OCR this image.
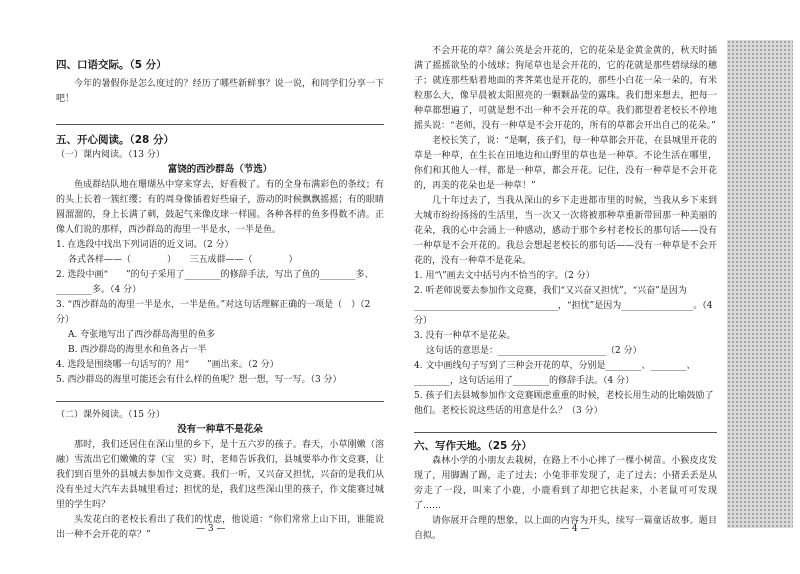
四、口语交际。（5 分）
今年的暑假你是怎么度过的？经历了哪些新鲜事？说一说，和同学们分享一下吧！
五、开心阅读。（28 分）
（一）课内阅读。（13 分）
富饶的西沙群岛（节选）
鱼成群结队地在珊瑚丛中穿来穿去，好看极了。有的全身布满彩色的条纹；有的头上长着一簇红缨；有的周身像插着好些扇子，游动的时候飘飘摇摇；有的眼睛圆溜溜的，身上长满了刺，鼓起气来像皮球一样圆。各种各样的鱼多得数不清。正像人们说的那样，西沙群岛的海里一半是水，一半是鱼。
1. 在选段中找出下列词语的近义词。（2 分）
各式各样——（　　　　）　　三五成群——（　　　　）
2. 选段中画“　　”的句子采用了________的修辞手法，写出了鱼的________多、________多。（4 分）
3. “西沙群岛的海里一半是水，一半是鱼。”对这句话理解正确的一项是（　）（2 分）
A. 夸张地写出了西沙群岛海里的鱼多
B. 西沙群岛的海里水和鱼各占一半
4. 选段是围绕哪一句话写的？用“　　”画出来。（2 分）
5. 西沙群岛的海里可能还会有什么样的鱼呢？想一想，写一写。（3 分）
（二）课外阅读。（15 分）
没有一种草不是花朵
那时，我们还居住在深山里的乡下，是十五六岁的孩子。春天，小草刚嫩（溶　融）雪流出它们嫩嫩的芽（宝　实）时，老师告诉我们，县城要举办作文竞赛，让我们到百里外的县城去参加作文竞赛。我们一听，又兴奋又担忧，兴奋的是我们从没有坐过大汽车去县城里看过；担忧的是，我们这些深山里的孩子，作文能赛过城里的学生吗？
头发花白的老校长看出了我们的忧虑，他说道：“你们常常上山下田，谁能说出一种不会开花的草？”
— 3 —
不会开花的草？蒲公英是会开花的，它的花朵是金黄金黄的，秋天时插满了摇摇欲坠的小绒球；狗尾草也是会开花的，它的花就是那些碧绿绿的穗子；就连那些贴着地面的荠荠菜也是开花的，那些小白花一朵一朵的，有米粒那么大，像早晨被太阳照亮的一颗颗晶莹的露珠。我们想来想去，把每一种草都想遍了，可就是想不出一种不会开花的草。我们都望着老校长不停地摇头说：“老师，没有一种草是不会开花的，所有的草都会开出自己的花朵。”
老校长笑了，说：“是啊，孩子们，每一种草都会开花，在县城里开花的草是一种草，在生长在田地边和山野里的草也是一种草。不论生活在哪里，你们和其他人一样，都是一种草，都会开花。记住，没有一种草是不会开花的，再美的花朵也是一种草！”
几十年过去了，当我从深山的乡下走进都市里的时候，当我从乡下来到大城市纷纷扬扬的生活里，当一次又一次将被那种草重新带回那一种美丽的花朵，我的心中会涌上一种感动，感动于那个乡村老校长的那句话——没有一种草是不会开花的。我总会想起老校长的那句话——没有一种草是不会开花的，没有一种草不是花朵。
1. 用“\”画去文中括号内不恰当的字。（2 分）
2. 听老师说要去参加作文竞赛，我们“又兴奋又担忧”，“兴奋”是因为________________________________，“担忧”是因为________________。（4 分）
3. 没有一种草不是花朵。
这句话的意思是：________________________（2 分）
4. 文中画线句子写到了三种会开花的草，分别是________、________、________，这句话运用了________的修辞手法。（4 分）
5. 孩子们去县城参加作文竞赛顾虑重重的时候，老校长用生动的比喻鼓励了他们。老校长说这些话的用意是什么？（3 分）
六、写作天地。（25 分）
森林小学的小朋友去栽树，在路上不小心摔了一棵小树苗。小猴皮皮发现了，用脚踢了踢，走了过去；小兔菲菲发现了，走了过去；小猪丢丢是从旁走了一段，叫来了小鹿，小鹿看到了却把它扶起来，小老鼠可可发现了……
请你展开合理的想象，以上面的内容为开头，续写一篇童话故事。题目自拟。
— 4 —
